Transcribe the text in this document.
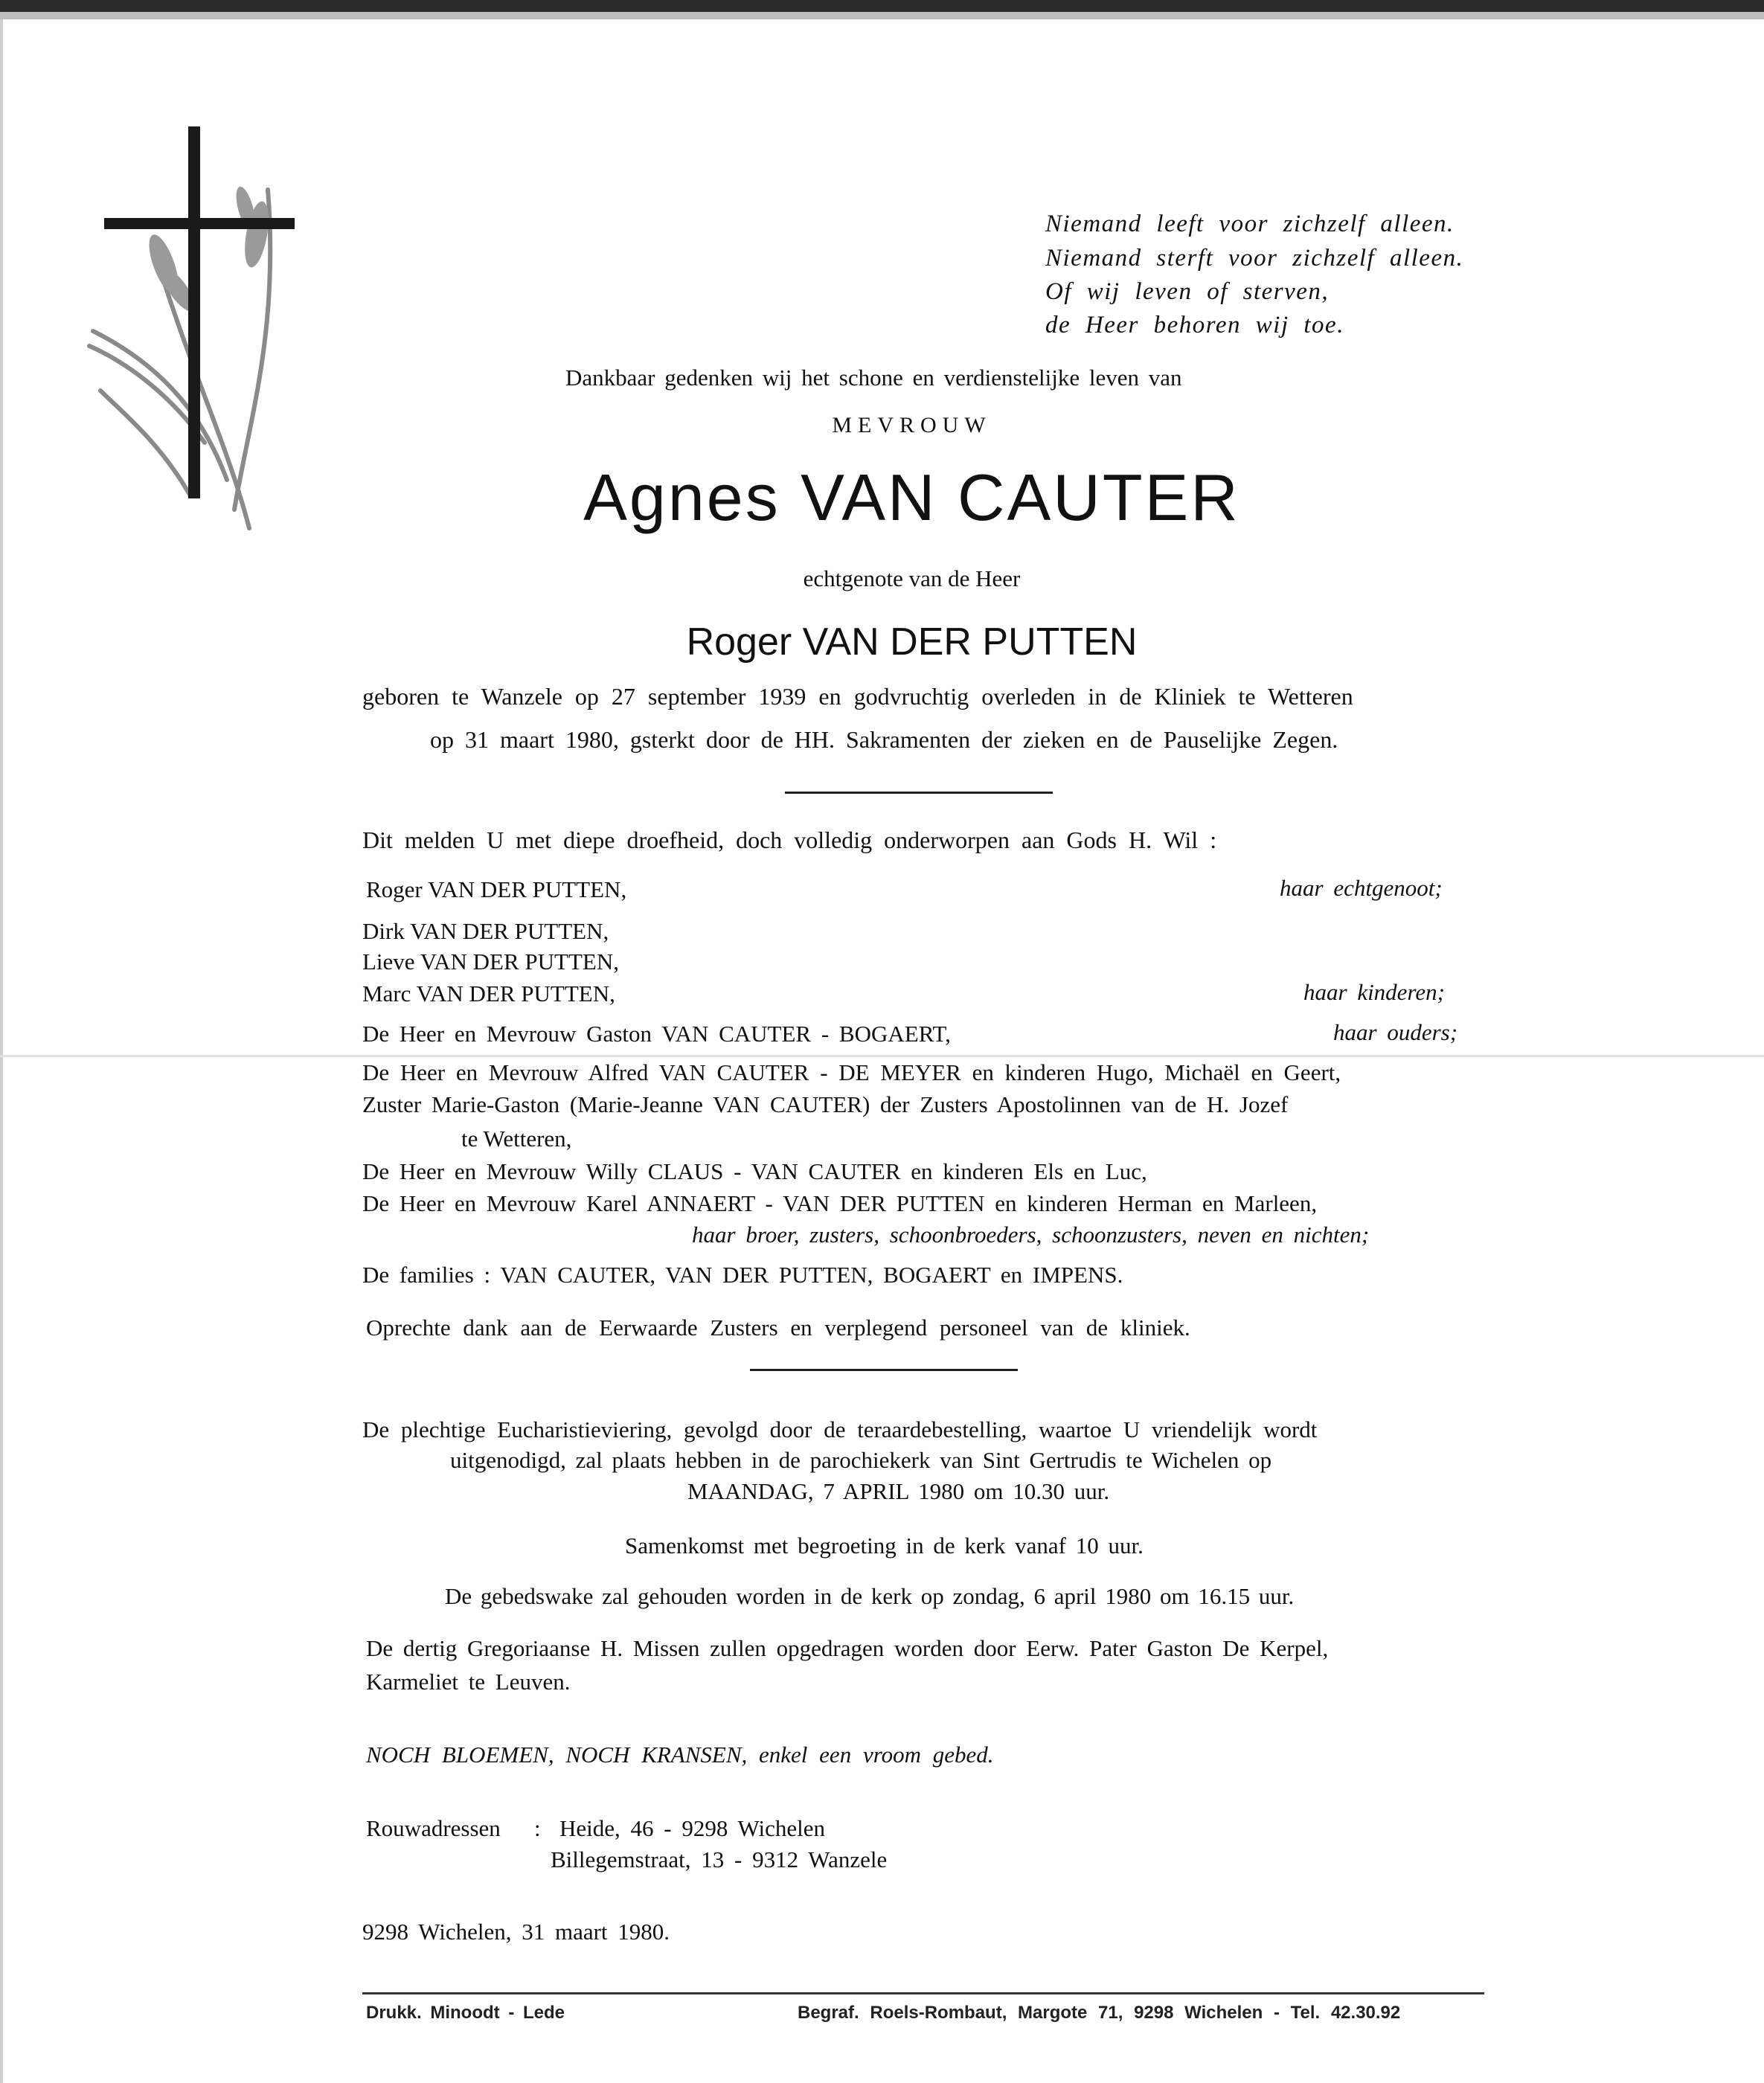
Niemand leeft voor zichzelf alleen.
Niemand sterft voor zichzelf alleen.
Of wij leven of sterven,
de Heer behoren wij toe.
Dankbaar gedenken wij het schone en verdienstelijke leven van
MEVROUW
Agnes VAN CAUTER
echtgenote van de Heer
Roger VAN DER PUTTEN
geboren te Wanzele op 27 september 1939 en godvruchtig overleden in de Kliniek te Wetteren
op 31 maart 1980, gsterkt door de HH. Sakramenten der zieken en de Pauselijke Zegen.
Dit melden U met diepe droefheid, doch volledig onderworpen aan Gods H. Wil :
Roger VAN DER PUTTEN,	haar echtgenoot;
Dirk VAN DER PUTTEN,
Lieve VAN DER PUTTEN,
Marc VAN DER PUTTEN,	haar kinderen;
De Heer en Mevrouw Gaston VAN CAUTER - BOGAERT,	haar ouders;
De Heer en Mevrouw Alfred VAN CAUTER - DE MEYER en kinderen Hugo, Michaël en Geert,
Zuster Marie-Gaston (Marie-Jeanne VAN CAUTER) der Zusters Apostolinnen van de H. Jozef
te Wetteren,
De Heer en Mevrouw Willy CLAUS - VAN CAUTER en kinderen Els en Luc,
De Heer en Mevrouw Karel ANNAERT - VAN DER PUTTEN en kinderen Herman en Marleen,
haar broer, zusters, schoonbroeders, schoonzusters, neven en nichten;
De families : VAN CAUTER, VAN DER PUTTEN, BOGAERT en IMPENS.
Oprechte dank aan de Eerwaarde Zusters en verplegend personeel van de kliniek.
De plechtige Eucharistieviering, gevolgd door de teraardebestelling, waartoe U vriendelijk wordt
uitgenodigd, zal plaats hebben in de parochiekerk van Sint Gertrudis te Wichelen op
MAANDAG, 7 APRIL 1980 om 10.30 uur.
Samenkomst met begroeting in de kerk vanaf 10 uur.
De gebedswake zal gehouden worden in de kerk op zondag, 6 april 1980 om 16.15 uur.
De dertig Gregoriaanse H. Missen zullen opgedragen worden door Eerw. Pater Gaston De Kerpel,
Karmeliet te Leuven.
NOCH BLOEMEN, NOCH KRANSEN, enkel een vroom gebed.
Rouwadressen : Heide, 46 - 9298 Wichelen
Billegemstraat, 13 - 9312 Wanzele
9298 Wichelen, 31 maart 1980.
Drukk. Minoodt - Lede	Begraf. Roels-Rombaut, Margote 71, 9298 Wichelen - Tel. 42.30.92
